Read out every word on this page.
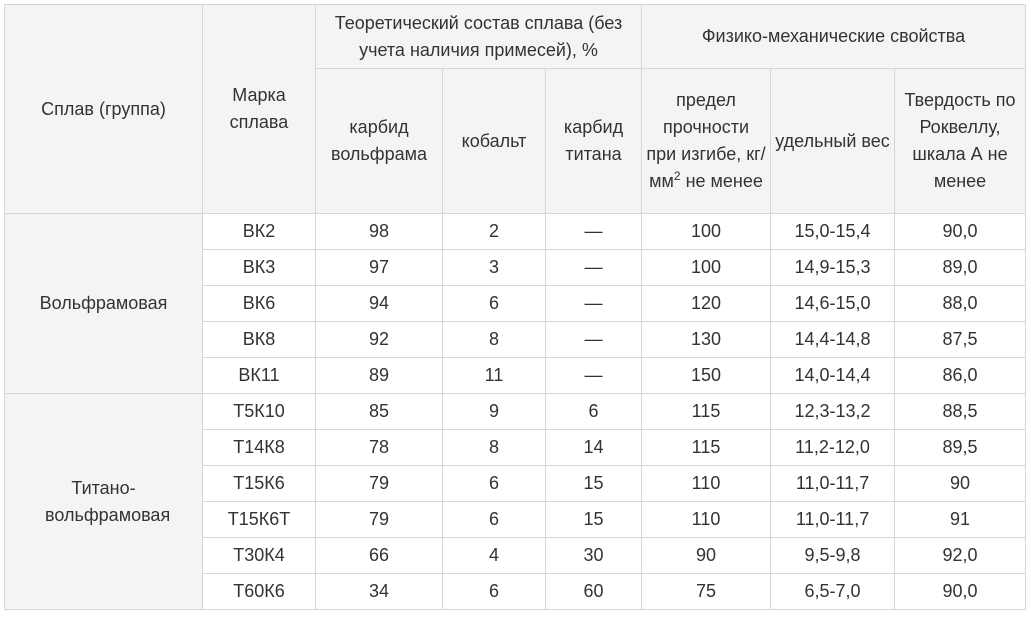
Сплав (группа)	Марка сплава	Теоретический состав сплава (без учета наличия примесей), %			Физико-механические свойства		
		карбид вольфрама	кобальт	карбид титана	предел прочности при изгибе, $кг/мм^2$ не менее	удельный вес	Твердость по Роквеллу, шкала А не менее
Вольфрамовая	ВК2	98	2	—	100	15,0-15,4	90,0
	ВК3	97	3	—	100	14,9-15,3	89,0
	ВК6	94	6	—	120	14,6-15,0	88,0
	ВК8	92	8	—	130	14,4-14,8	87,5
	ВК11	89	11	—	150	14,0-14,4	86,0
Титано-вольфрамовая	Т5К10	85	9	6	115	12,3-13,2	88,5
	Т14К8	78	8	14	115	11,2-12,0	89,5
	Т15К6	79	6	15	110	11,0-11,7	90
	Т15К6Т	79	6	15	110	11,0-11,7	91
	Т30К4	66	4	30	90	9,5-9,8	92,0
	Т60К6	34	6	60	75	6,5-7,0	90,0
